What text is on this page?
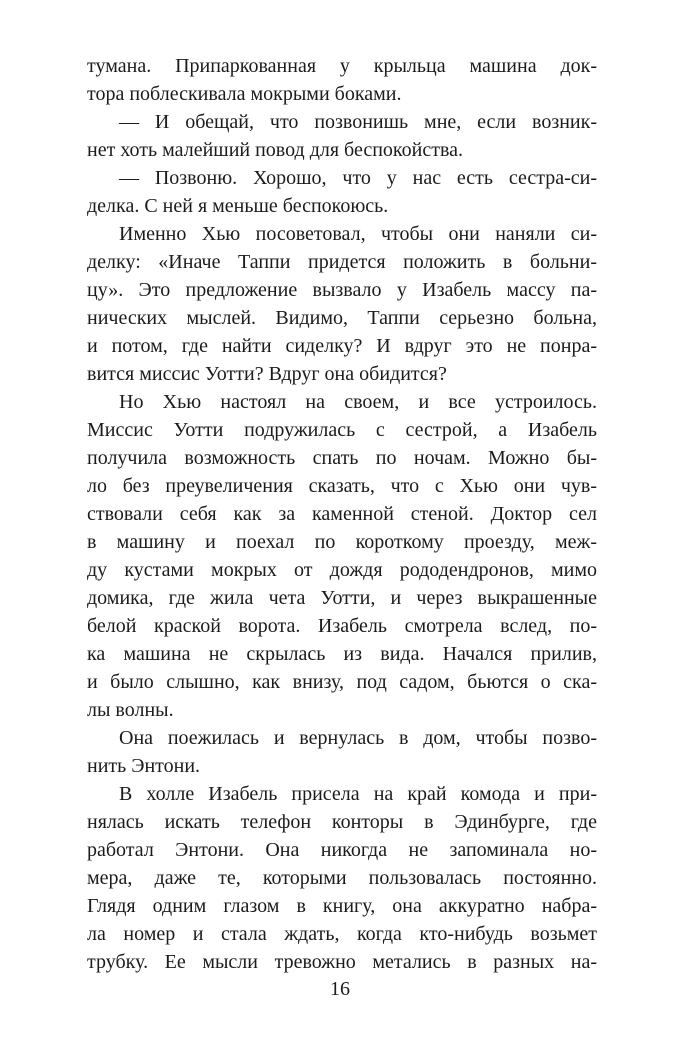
тумана. Припаркованная у крыльца машина док-
тора поблескивала мокрыми боками.
— И обещай, что позвонишь мне, если возник-
нет хоть малейший повод для беспокойства.
— Позвоню. Хорошо, что у нас есть сестра-си-
делка. С ней я меньше беспокоюсь.
Именно Хью посоветовал, чтобы они наняли си-
делку: «Иначе Таппи придется положить в больни-
цу». Это предложение вызвало у Изабель массу па-
нических мыслей. Видимо, Таппи серьезно больна,
и потом, где найти сиделку? И вдруг это не понра-
вится миссис Уотти? Вдруг она обидится?
Но Хью настоял на своем, и все устроилось.
Миссис Уотти подружилась с сестрой, а Изабель
получила возможность спать по ночам. Можно бы-
ло без преувеличения сказать, что с Хью они чув-
ствовали себя как за каменной стеной. Доктор сел
в машину и поехал по короткому проезду, меж-
ду кустами мокрых от дождя рододендронов, мимо
домика, где жила чета Уотти, и через выкрашенные
белой краской ворота. Изабель смотрела вслед, по-
ка машина не скрылась из вида. Начался прилив,
и было слышно, как внизу, под садом, бьются о ска-
лы волны.
Она поежилась и вернулась в дом, чтобы позво-
нить Энтони.
В холле Изабель присела на край комода и при-
нялась искать телефон конторы в Эдинбурге, где
работал Энтони. Она никогда не запоминала но-
мера, даже те, которыми пользовалась постоянно.
Глядя одним глазом в книгу, она аккуратно набра-
ла номер и стала ждать, когда кто-нибудь возьмет
трубку. Ее мысли тревожно метались в разных на-
16
